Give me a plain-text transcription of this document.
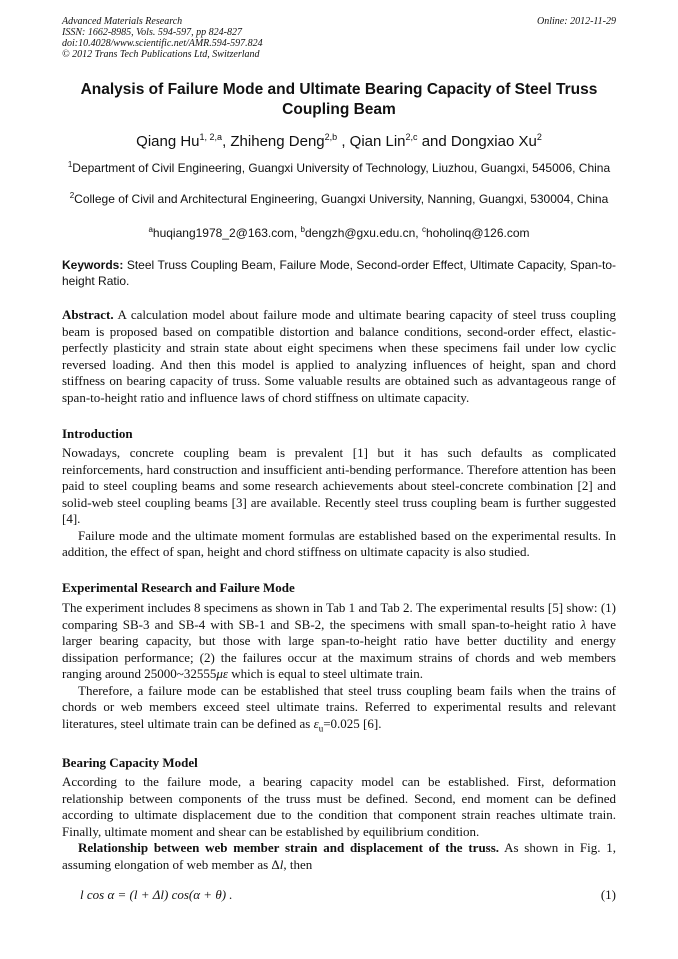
Advanced Materials Research
ISSN: 1662-8985, Vols. 594-597, pp 824-827
doi:10.4028/www.scientific.net/AMR.594-597.824
© 2012 Trans Tech Publications Ltd, Switzerland
Online: 2012-11-29
Analysis of Failure Mode and Ultimate Bearing Capacity of Steel Truss Coupling Beam
Qiang Hu$^{1, 2,a}$, Zhiheng Deng$^{2,b}$ , Qian Lin$^{2,c}$ and Dongxiao Xu$^2$
$^1$Department of Civil Engineering, Guangxi University of Technology, Liuzhou, Guangxi, 545006, China
$^2$College of Civil and Architectural Engineering, Guangxi University, Nanning, Guangxi, 530004, China
$^a$huqiang1978_2@163.com, $^b$dengzh@gxu.edu.cn, $^c$hoholinq@126.com
Keywords: Steel Truss Coupling Beam, Failure Mode, Second-order Effect, Ultimate Capacity, Span-to-height Ratio.
Abstract. A calculation model about failure mode and ultimate bearing capacity of steel truss coupling beam is proposed based on compatible distortion and balance conditions, second-order effect, elastic-perfectly plasticity and strain state about eight specimens when these specimens fail under low cyclic reversed loading. And then this model is applied to analyzing influences of height, span and chord stiffness on bearing capacity of truss. Some valuable results are obtained such as advantageous range of span-to-height ratio and influence laws of chord stiffness on ultimate capacity.
Introduction

Nowadays, concrete coupling beam is prevalent [1] but it has such defaults as complicated reinforcements, hard construction and insufficient anti-bending performance. Therefore attention has been paid to steel coupling beams and some research achievements about steel-concrete combination [2] and solid-web steel coupling beams [3] are available. Recently steel truss coupling beam is further suggested [4].

Failure mode and the ultimate moment formulas are established based on the experimental results. In addition, the effect of span, height and chord stiffness on ultimate capacity is also studied.

Experimental Research and Failure Mode

The experiment includes 8 specimens as shown in Tab 1 and Tab 2. The experimental results [5] show: (1) comparing SB-3 and SB-4 with SB-1 and SB-2, the specimens with small span-to-height ratio λ have larger bearing capacity, but those with large span-to-height ratio have better ductility and energy dissipation performance; (2) the failures occur at the maximum strains of chords and web members ranging around 25000~32555με which is equal to steel ultimate train.

Therefore, a failure mode can be established that steel truss coupling beam fails when the trains of chords or web members exceed steel ultimate trains. Referred to experimental results and relevant literatures, steel ultimate train can be defined as $\varepsilon_u=0.025$ [6].

Bearing Capacity Model

According to the failure mode, a bearing capacity model can be established. First, deformation relationship between components of the truss must be defined. Second, end moment can be defined according to ultimate displacement due to the condition that component strain reaches ultimate train. Finally, ultimate moment and shear can be established by equilibrium condition.

Relationship between web member strain and displacement of the truss. As shown in Fig. 1, assuming elongation of web member as Δl, then

l cos α = (l + Δl) cos(α + θ) .	(1)
